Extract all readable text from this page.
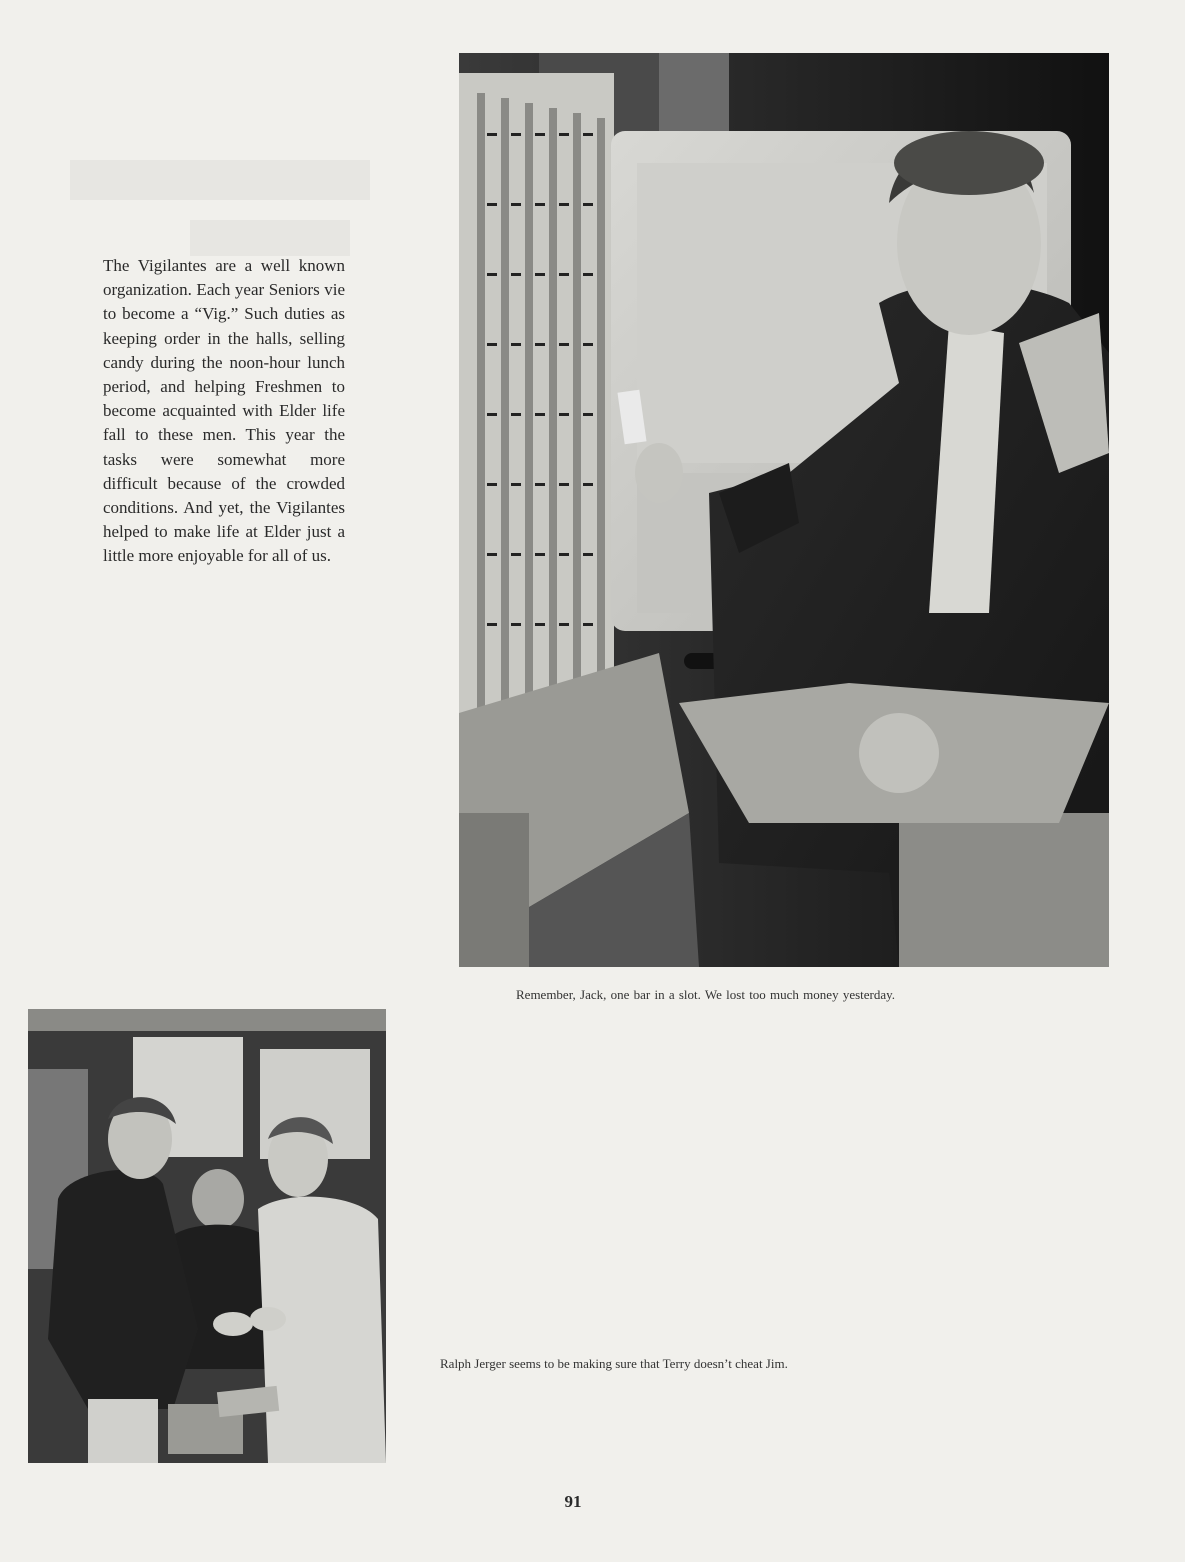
The Vigilantes are a well known organization. Each year Seniors vie to become a “Vig.” Such duties as keeping order in the halls, selling candy during the noon-hour lunch period, and helping Freshmen to become acquainted with Elder life fall to these men. This year the tasks were somewhat more difficult because of the crowded conditions. And yet, the Vigilantes helped to make life at Elder just a little more enjoyable for all of us.
Remember, Jack, one bar in a slot. We lost too much money yesterday.
Ralph Jerger seems to be making sure that Terry doesn’t cheat Jim.
91
